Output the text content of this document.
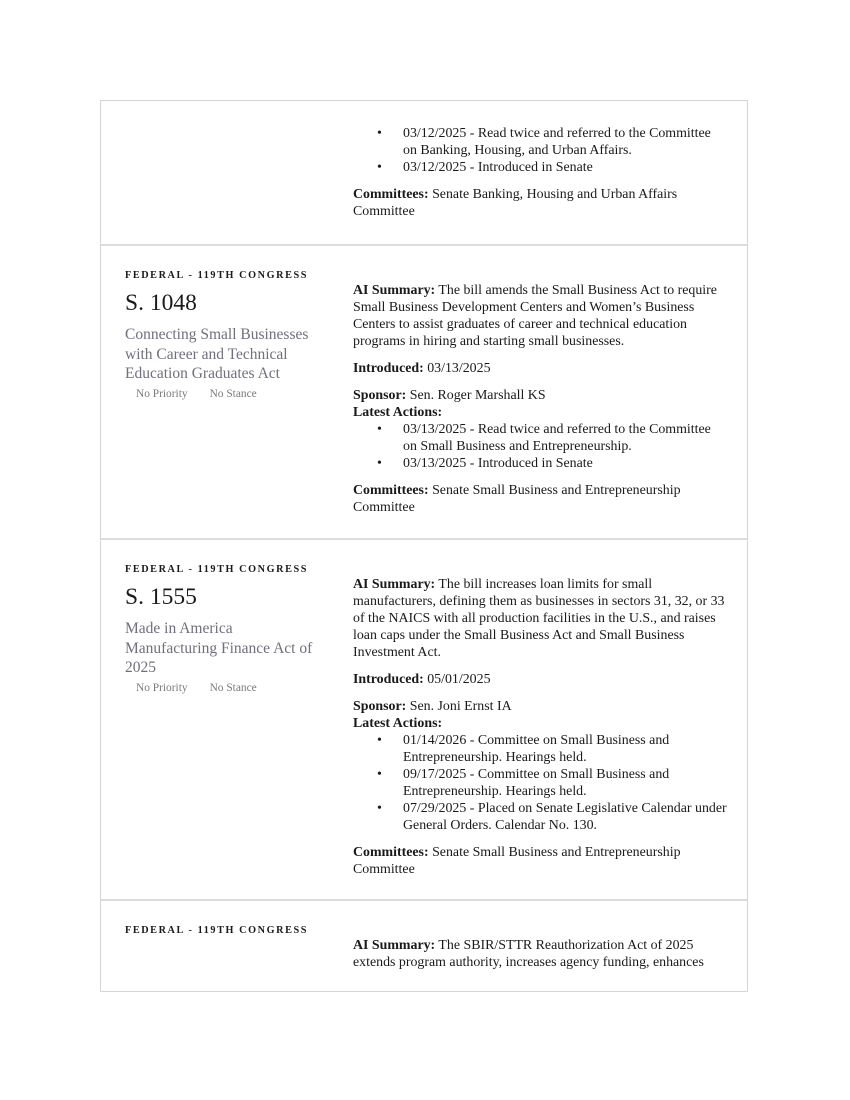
• 03/12/2025 - Read twice and referred to the Committee on Banking, Housing, and Urban Affairs.
• 03/12/2025 - Introduced in Senate

Committees: Senate Banking, Housing and Urban Affairs Committee

FEDERAL - 119TH CONGRESS
S. 1048
Connecting Small Businesses with Career and Technical Education Graduates Act
No Priority No Stance

AI Summary: The bill amends the Small Business Act to require Small Business Development Centers and Women’s Business Centers to assist graduates of career and technical education programs in hiring and starting small businesses.

Introduced: 03/13/2025

Sponsor: Sen. Roger Marshall KS

Latest Actions:
• 03/13/2025 - Read twice and referred to the Committee on Small Business and Entrepreneurship.
• 03/13/2025 - Introduced in Senate

Committees: Senate Small Business and Entrepreneurship Committee

FEDERAL - 119TH CONGRESS
S. 1555
Made in America Manufacturing Finance Act of 2025
No Priority No Stance

AI Summary: The bill increases loan limits for small manufacturers, defining them as businesses in sectors 31, 32, or 33 of the NAICS with all production facilities in the U.S., and raises loan caps under the Small Business Act and Small Business Investment Act.

Introduced: 05/01/2025

Sponsor: Sen. Joni Ernst IA

Latest Actions:
• 01/14/2026 - Committee on Small Business and Entrepreneurship. Hearings held.
• 09/17/2025 - Committee on Small Business and Entrepreneurship. Hearings held.
• 07/29/2025 - Placed on Senate Legislative Calendar under General Orders. Calendar No. 130.

Committees: Senate Small Business and Entrepreneurship Committee

FEDERAL - 119TH CONGRESS

AI Summary: The SBIR/STTR Reauthorization Act of 2025 extends program authority, increases agency funding, enhances
